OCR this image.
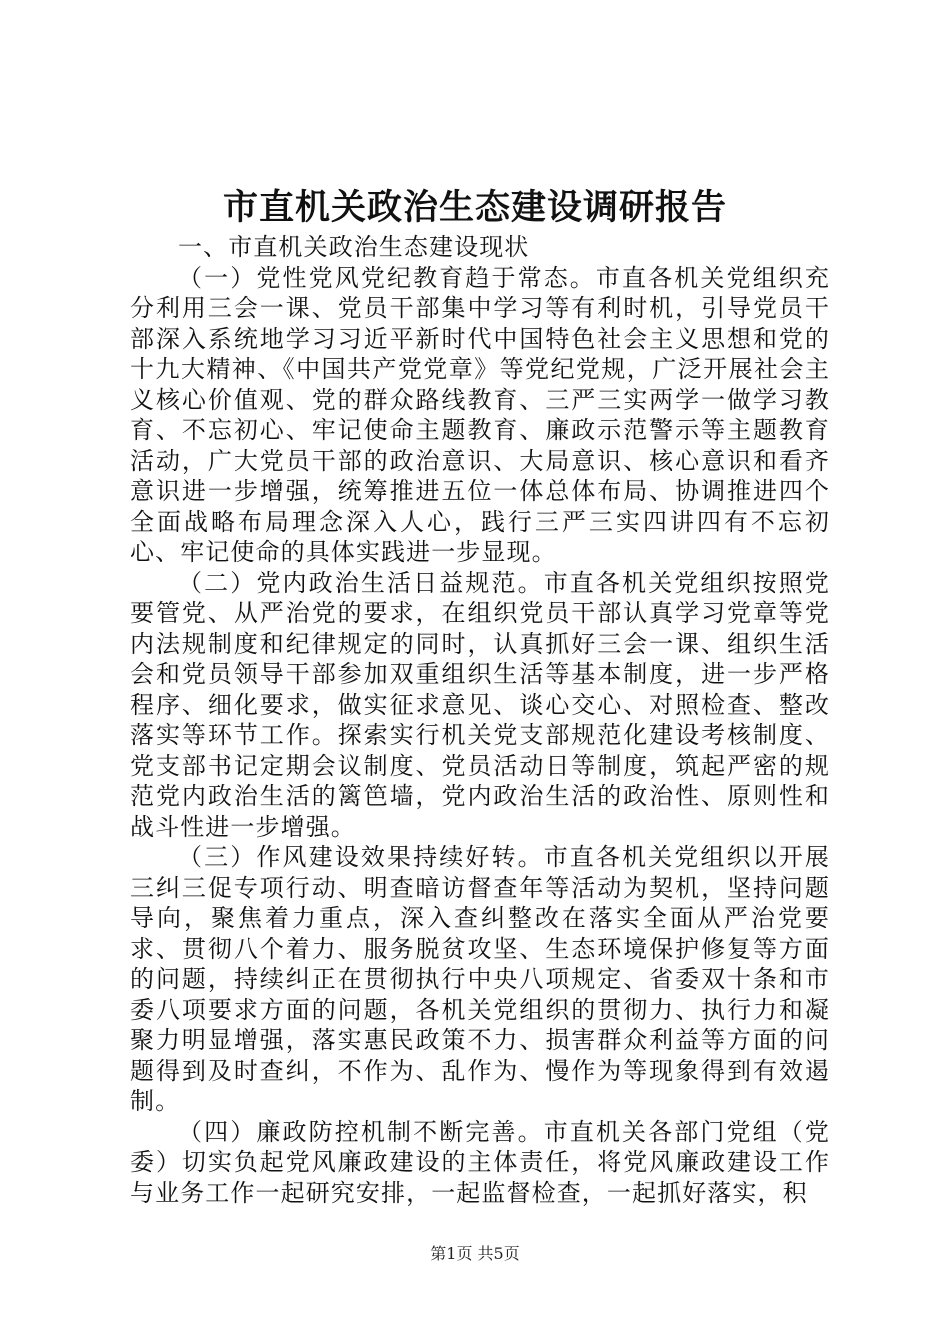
市直机关政治生态建设调研报告

一、市直机关政治生态建设现状

（一）党性党风党纪教育趋于常态。市直各机关党组织充分利用三会一课、党员干部集中学习等有利时机，引导党员干部深入系统地学习习近平新时代中国特色社会主义思想和党的十九大精神、《中国共产党党章》等党纪党规，广泛开展社会主义核心价值观、党的群众路线教育、三严三实两学一做学习教育、不忘初心、牢记使命主题教育、廉政示范警示等主题教育活动，广大党员干部的政治意识、大局意识、核心意识和看齐意识进一步增强，统筹推进五位一体总体布局、协调推进四个全面战略布局理念深入人心，践行三严三实四讲四有不忘初心、牢记使命的具体实践进一步显现。

（二）党内政治生活日益规范。市直各机关党组织按照党要管党、从严治党的要求，在组织党员干部认真学习党章等党内法规制度和纪律规定的同时，认真抓好三会一课、组织生活会和党员领导干部参加双重组织生活等基本制度，进一步严格程序、细化要求，做实征求意见、谈心交心、对照检查、整改落实等环节工作。探索实行机关党支部规范化建设考核制度、党支部书记定期会议制度、党员活动日等制度，筑起严密的规范党内政治生活的篱笆墙，党内政治生活的政治性、原则性和战斗性进一步增强。

（三）作风建设效果持续好转。市直各机关党组织以开展三纠三促专项行动、明查暗访督查年等活动为契机，坚持问题导向，聚焦着力重点，深入查纠整改在落实全面从严治党要求、贯彻八个着力、服务脱贫攻坚、生态环境保护修复等方面的问题，持续纠正在贯彻执行中央八项规定、省委双十条和市委八项要求方面的问题，各机关党组织的贯彻力、执行力和凝聚力明显增强，落实惠民政策不力、损害群众利益等方面的问题得到及时查纠，不作为、乱作为、慢作为等现象得到有效遏制。

（四）廉政防控机制不断完善。市直机关各部门党组（党委）切实负起党风廉政建设的主体责任，将党风廉政建设工作与业务工作一起研究安排，一起监督检查，一起抓好落实，积

第1页 共5页
